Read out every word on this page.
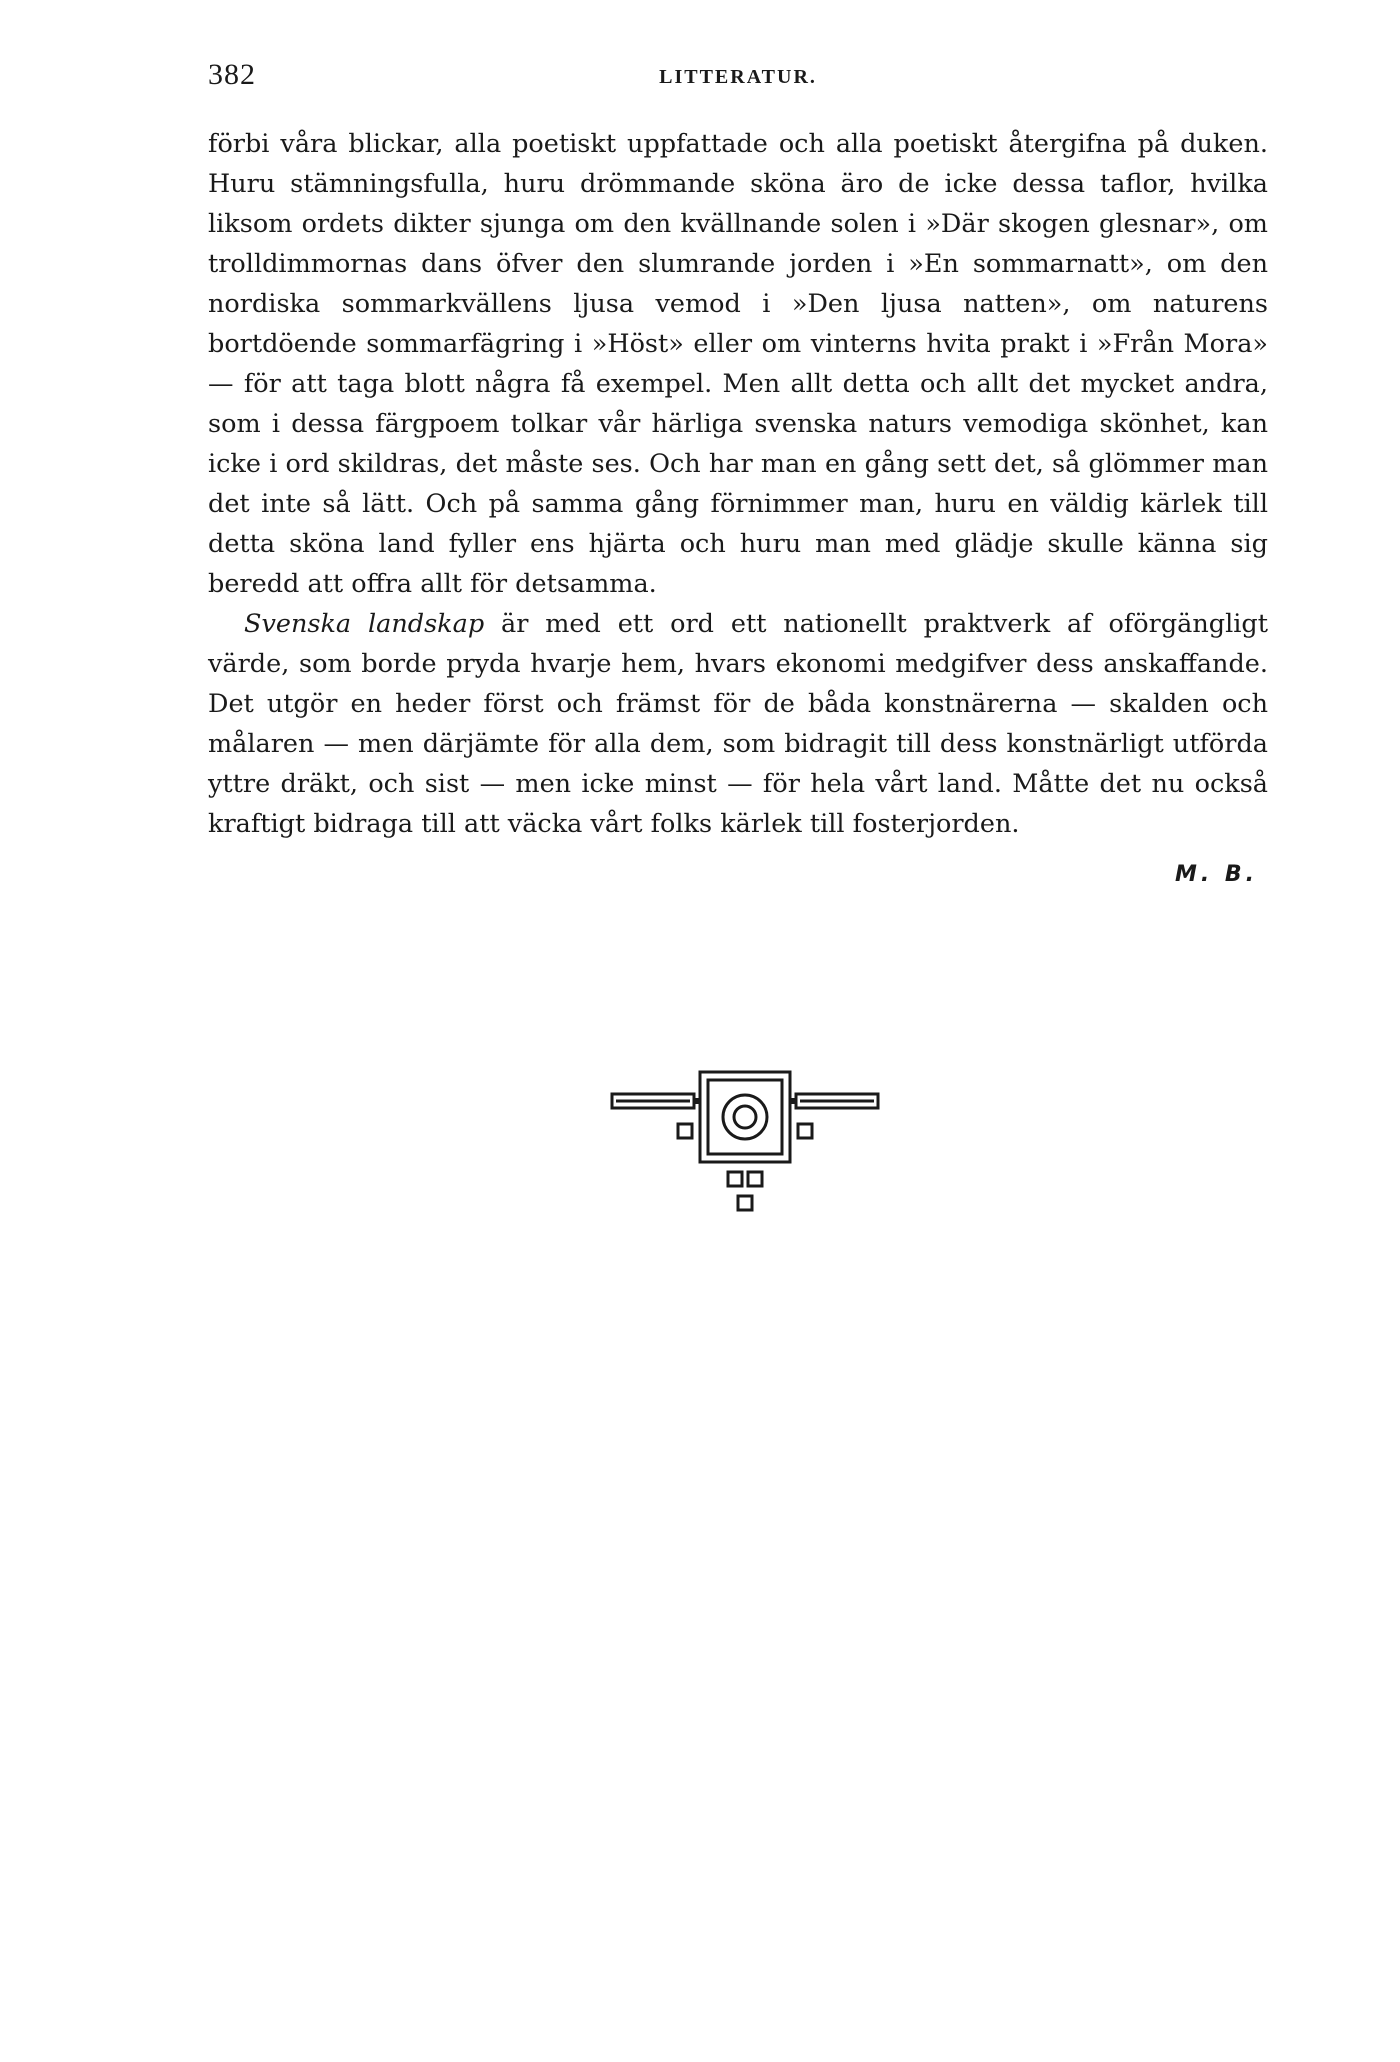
382	LITTERATUR.

förbi våra blickar, alla poetiskt uppfattade och alla poetiskt återgifna på duken. Huru stämningsfulla, huru drömmande sköna äro de icke dessa taflor, hvilka liksom ordets dikter sjunga om den kvällnande solen i »Där skogen glesnar», om trolldimmornas dans öfver den slumrande jorden i »En sommarnatt», om den nordiska sommarkvällens ljusa vemod i »Den ljusa natten», om naturens bortdöende sommarfägring i »Höst» eller om vinterns hvita prakt i »Från Mora» — för att taga blott några få exempel. Men allt detta och allt det mycket andra, som i dessa färgpoem tolkar vår härliga svenska naturs vemodiga skönhet, kan icke i ord skildras, det måste ses. Och har man en gång sett det, så glömmer man det inte så lätt. Och på samma gång förnimmer man, huru en väldig kärlek till detta sköna land fyller ens hjärta och huru man med glädje skulle känna sig beredd att offra allt för detsamma.

Svenska landskap är med ett ord ett nationellt praktverk af oförgängligt värde, som borde pryda hvarje hem, hvars ekonomi medgifver dess anskaffande. Det utgör en heder först och främst för de båda konstnärerna — skalden och målaren — men därjämte för alla dem, som bidragit till dess konstnärligt utförda yttre dräkt, och sist — men icke minst — för hela vårt land. Måtte det nu också kraftigt bidraga till att väcka vårt folks kärlek till fosterjorden.

M. B.
